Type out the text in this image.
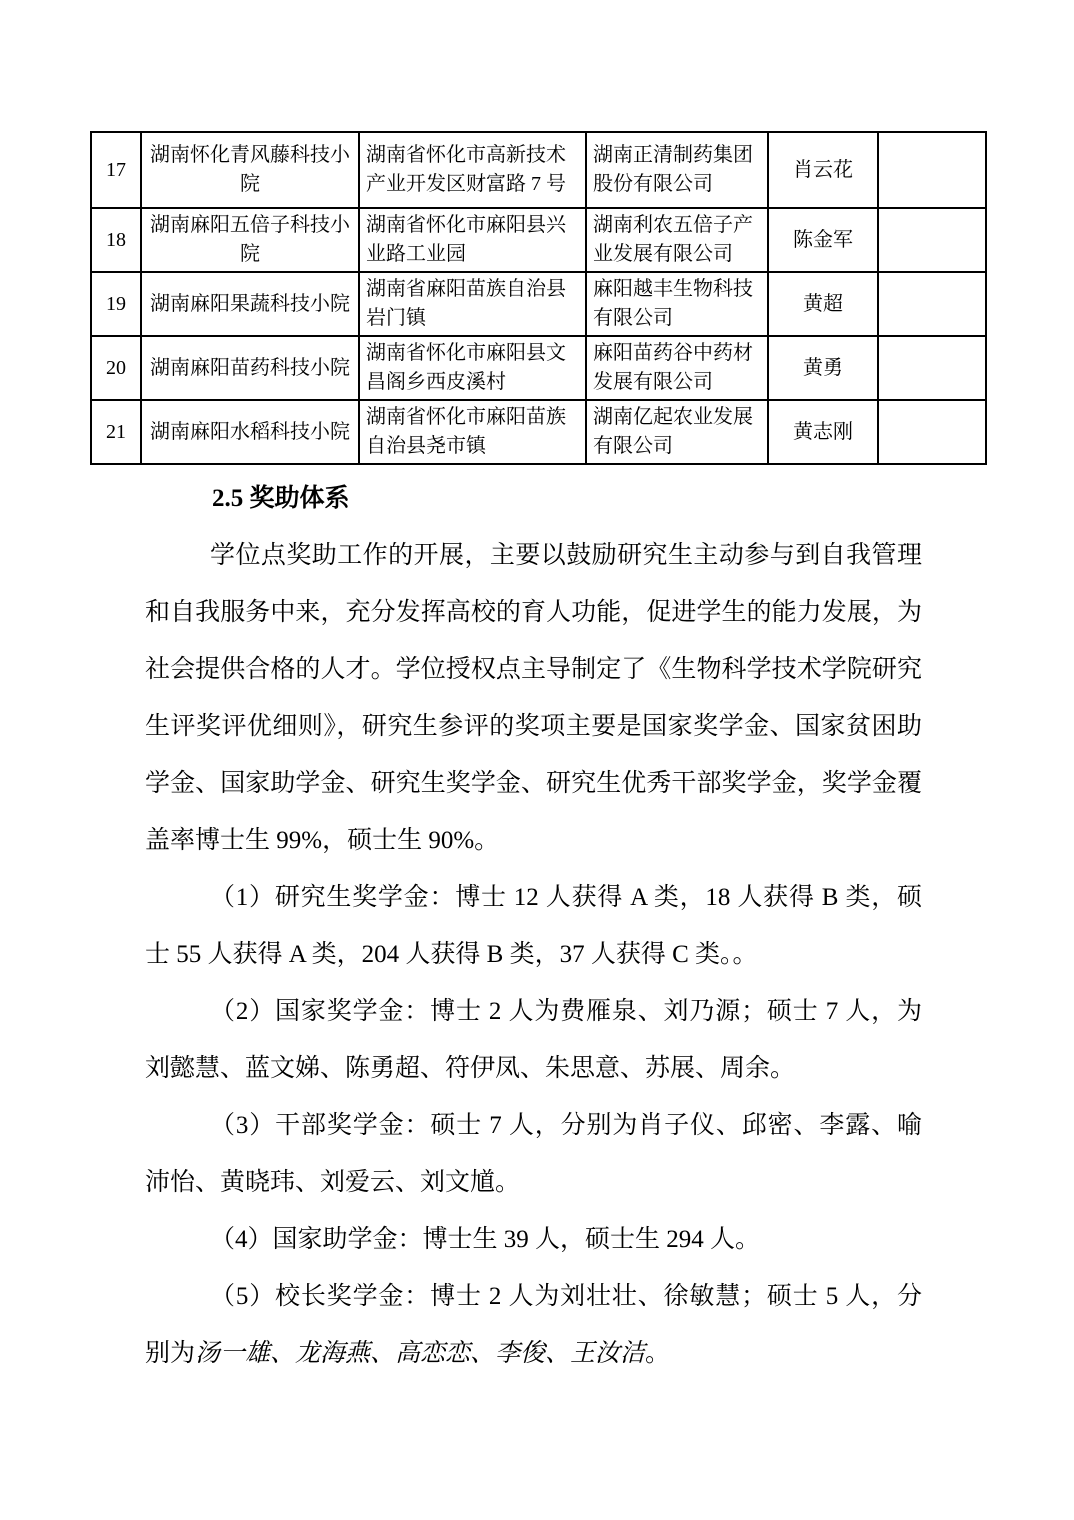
17	湖南怀化青风藤科技小院	湖南省怀化市高新技术产业开发区财富路 7 号	湖南正清制药集团股份有限公司	肖云花	
18	湖南麻阳五倍子科技小院	湖南省怀化市麻阳县兴业路工业园	湖南利农五倍子产业发展有限公司	陈金军	
19	湖南麻阳果蔬科技小院	湖南省麻阳苗族自治县岩门镇	麻阳越丰生物科技有限公司	黄超	
20	湖南麻阳苗药科技小院	湖南省怀化市麻阳县文昌阁乡西皮溪村	麻阳苗药谷中药材发展有限公司	黄勇	
21	湖南麻阳水稻科技小院	湖南省怀化市麻阳苗族自治县尧市镇	湖南亿起农业发展有限公司	黄志刚	
2.5 奖助体系

学位点奖助工作的开展，主要以鼓励研究生主动参与到自我管理和自我服务中来，充分发挥高校的育人功能，促进学生的能力发展，为社会提供合格的人才。学位授权点主导制定了《生物科学技术学院研究生评奖评优细则》，研究生参评的奖项主要是国家奖学金、国家贫困助学金、国家助学金、研究生奖学金、研究生优秀干部奖学金，奖学金覆盖率博士生 99%，硕士生 90%。

（1）研究生奖学金：博士 12 人获得 A 类，18 人获得 B 类，硕士 55 人获得 A 类，204 人获得 B 类，37 人获得 C 类。。

（2）国家奖学金：博士 2 人为费雁泉、刘乃源；硕士 7 人，为刘懿慧、蓝文娣、陈勇超、符伊凤、朱思意、苏展、周余。

（3）干部奖学金：硕士 7 人，分别为肖子仪、邱密、李露、喻沛怡、黄晓玮、刘爱云、刘文馗。

（4）国家助学金：博士生 39 人，硕士生 294 人。

（5）校长奖学金：博士 2 人为刘壮壮、徐敏慧；硕士 5 人，分别为汤一雄、龙海燕、高恋恋、李俊、王汝洁。
